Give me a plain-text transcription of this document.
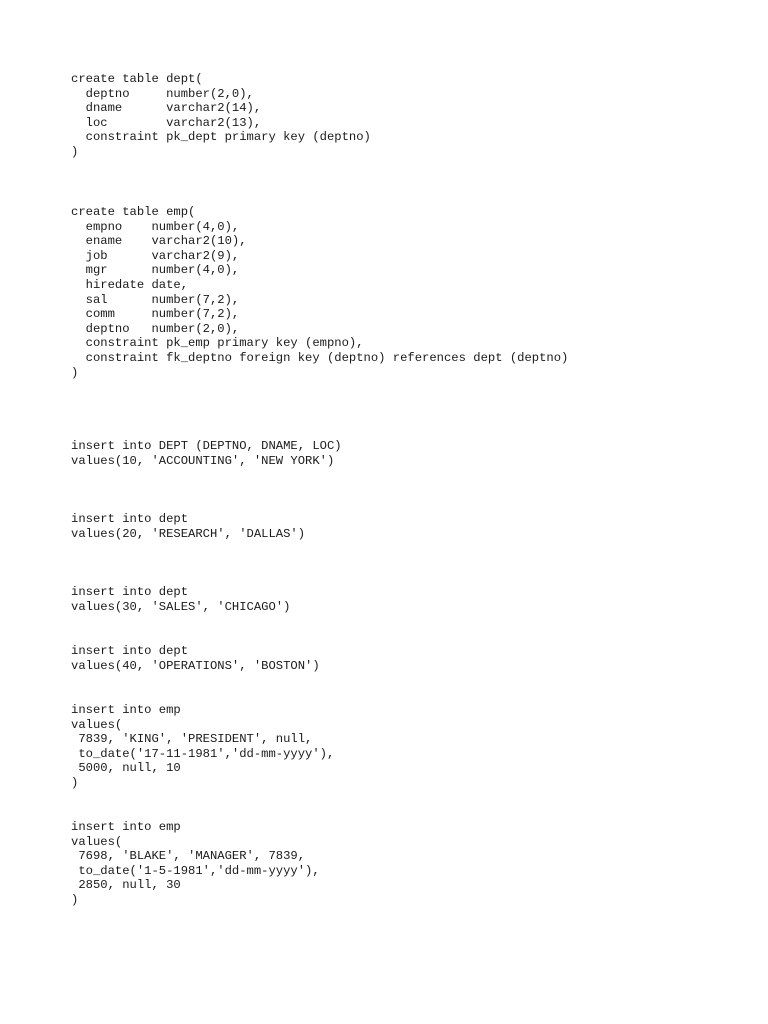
create table dept(
deptno     number(2,0),
dname      varchar2(14),
loc        varchar2(13),
constraint pk_dept primary key (deptno)
)
create table emp(
empno    number(4,0),
ename    varchar2(10),
job      varchar2(9),
mgr      number(4,0),
hiredate date,
sal      number(7,2),
comm     number(7,2),
deptno   number(2,0),
constraint pk_emp primary key (empno),
constraint fk_deptno foreign key (deptno) references dept (deptno)
)
insert into DEPT (DEPTNO, DNAME, LOC)
values(10, 'ACCOUNTING', 'NEW YORK')
insert into dept
values(20, 'RESEARCH', 'DALLAS')
insert into dept
values(30, 'SALES', 'CHICAGO')
insert into dept
values(40, 'OPERATIONS', 'BOSTON')
insert into emp
values(
7839, 'KING', 'PRESIDENT', null,
to_date('17-11-1981','dd-mm-yyyy'),
5000, null, 10
)
insert into emp
values(
7698, 'BLAKE', 'MANAGER', 7839,
to_date('1-5-1981','dd-mm-yyyy'),
2850, null, 30
)
